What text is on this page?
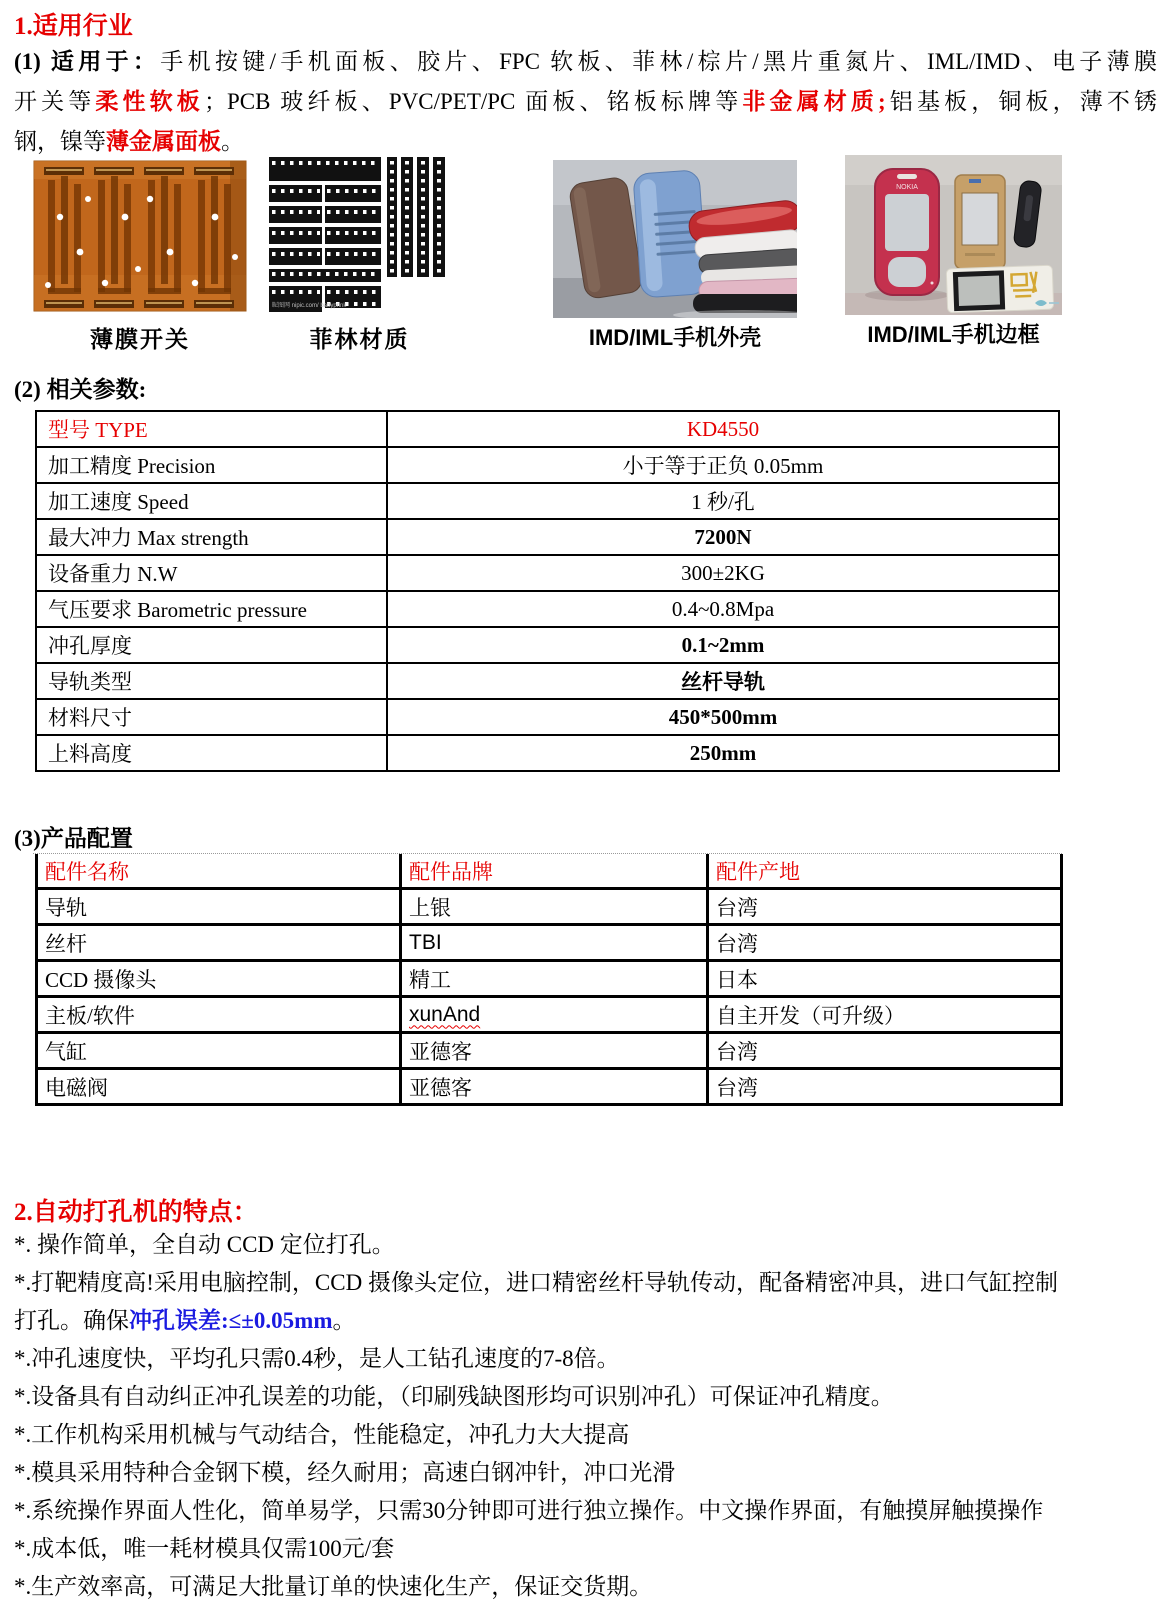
1.适用行业
(1) 适用于：手机按键/手机面板、胶片、FPC 软板、菲林/棕片/黑片重氮片、IML/IMD、电子薄膜
开关等柔性软板；PCB 玻纤板、PVC/PET/PC 面板、铭板标牌等非金属材质;铝基板，铜板，薄不锈
钢，镍等薄金属面板。
薄膜开关
昵图网 nipic.com/ babyprink
菲林材质	IMD/IML手机外壳
NOKIA
IMD/IML手机边框
(2) 相关参数:
型号 TYPE	KD4550
加工精度 Precision	小于等于正负 0.05mm
加工速度 Speed	1 秒/孔
最大冲力 Max strength	7200N
设备重力 N.W	300±2KG
气压要求 Barometric pressure	0.4~0.8Mpa
冲孔厚度	0.1~2mm
导轨类型	丝杆导轨
材料尺寸	450*500mm
上料高度	250mm
(3)产品配置
配件名称	配件品牌	配件产地
导轨	上银	台湾
丝杆	TBI	台湾
CCD 摄像头	精工	日本
主板/软件	xunAnd	自主开发（可升级）
气缸	亚德客	台湾
电磁阀	亚德客	台湾
2.自动打孔机的特点：
*. 操作简单，全自动 CCD 定位打孔。
*.打靶精度高!采用电脑控制，CCD 摄像头定位，进口精密丝杆导轨传动，配备精密冲具，进口气缸控制
打孔。确保冲孔误差:≤±0.05mm。
*.冲孔速度快，平均孔只需0.4秒，是人工钻孔速度的7-8倍。
*.设备具有自动纠正冲孔误差的功能，（印刷残缺图形均可识别冲孔）可保证冲孔精度。
*.工作机构采用机械与气动结合，性能稳定，冲孔力大大提高
*.模具采用特种合金钢下模，经久耐用；高速白钢冲针，冲口光滑
*.系统操作界面人性化，简单易学，只需30分钟即可进行独立操作。中文操作界面，有触摸屏触摸操作
*.成本低，唯一耗材模具仅需100元/套
*.生产效率高，可满足大批量订单的快速化生产，保证交货期。
